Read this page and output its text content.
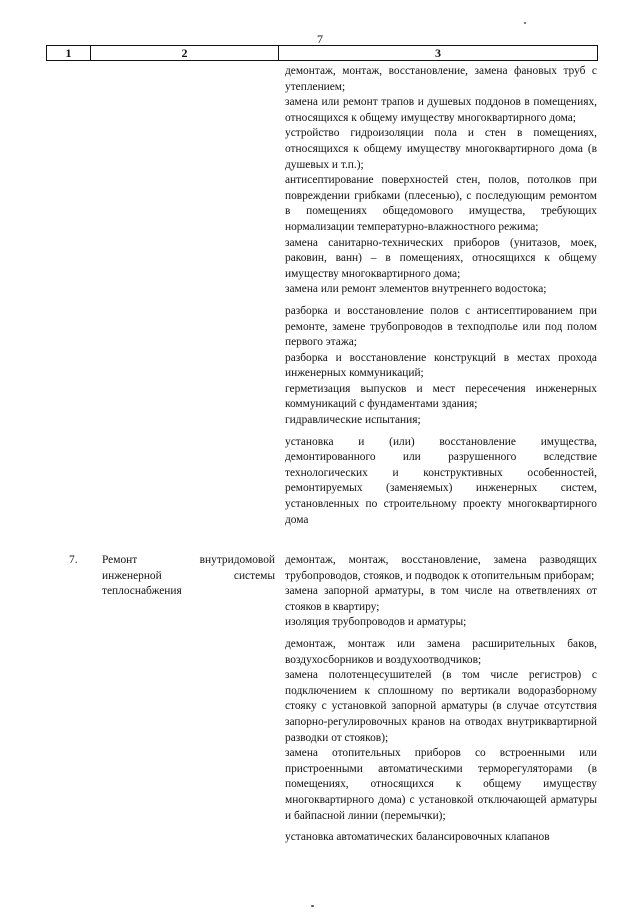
7
1	2	3

демонтаж, монтаж, восстановление, замена фановых труб с утеплением;

замена или ремонт трапов и душевых поддонов в помещениях, относящихся к общему имуществу многоквартирного дома;

устройство гидроизоляции пола и стен в помещениях, относящихся к общему имуществу многоквартирного дома (в душевых и т.п.);

антисептирование поверхностей стен, полов, потолков при повреждении грибками (плесенью), с последующим ремонтом в помещениях общедомового имущества, требующих нормализации температурно-влажностного режима;

замена санитарно-технических приборов (унитазов, моек, раковин, ванн) – в помещениях, относящихся к общему имуществу многоквартирного дома;

замена или ремонт элементов внутреннего водостока;

разборка и восстановление полов с антисептированием при ремонте, замене трубопроводов в техподполье или под полом первого этажа;

разборка и восстановление конструкций в местах прохода инженерных коммуникаций;

герметизация выпусков и мест пересечения инженерных коммуникаций с фундаментами здания;

гидравлические испытания;

установка и (или) восстановление имущества, демонтированного или разрушенного вследствие технологических и конструктивных особенностей, ремонтируемых (заменяемых) инженерных систем, установленных по строительному проекту многоквартирного дома

7. Ремонт внутридомовой инженерной системы теплоснабжения

демонтаж, монтаж, восстановление, замена разводящих трубопроводов, стояков, и подводок к отопительным приборам;

замена запорной арматуры, в том числе на ответвлениях от стояков в квартиру;

изоляция трубопроводов и арматуры;

демонтаж, монтаж или замена расширительных баков, воздухосборников и воздухоотводчиков;

замена полотенцесушителей (в том числе регистров) с подключением к сплошному по вертикали водоразборному стояку с установкой запорной арматуры (в случае отсутствия запорно-регулировочных кранов на отводах внутриквартирной разводки от стояков);

замена отопительных приборов со встроенными или пристроенными автоматическими терморегуляторами (в помещениях, относящихся к общему имуществу многоквартирного дома) с установкой отключающей арматуры и байпасной линии (перемычки);

установка автоматических балансировочных клапанов
